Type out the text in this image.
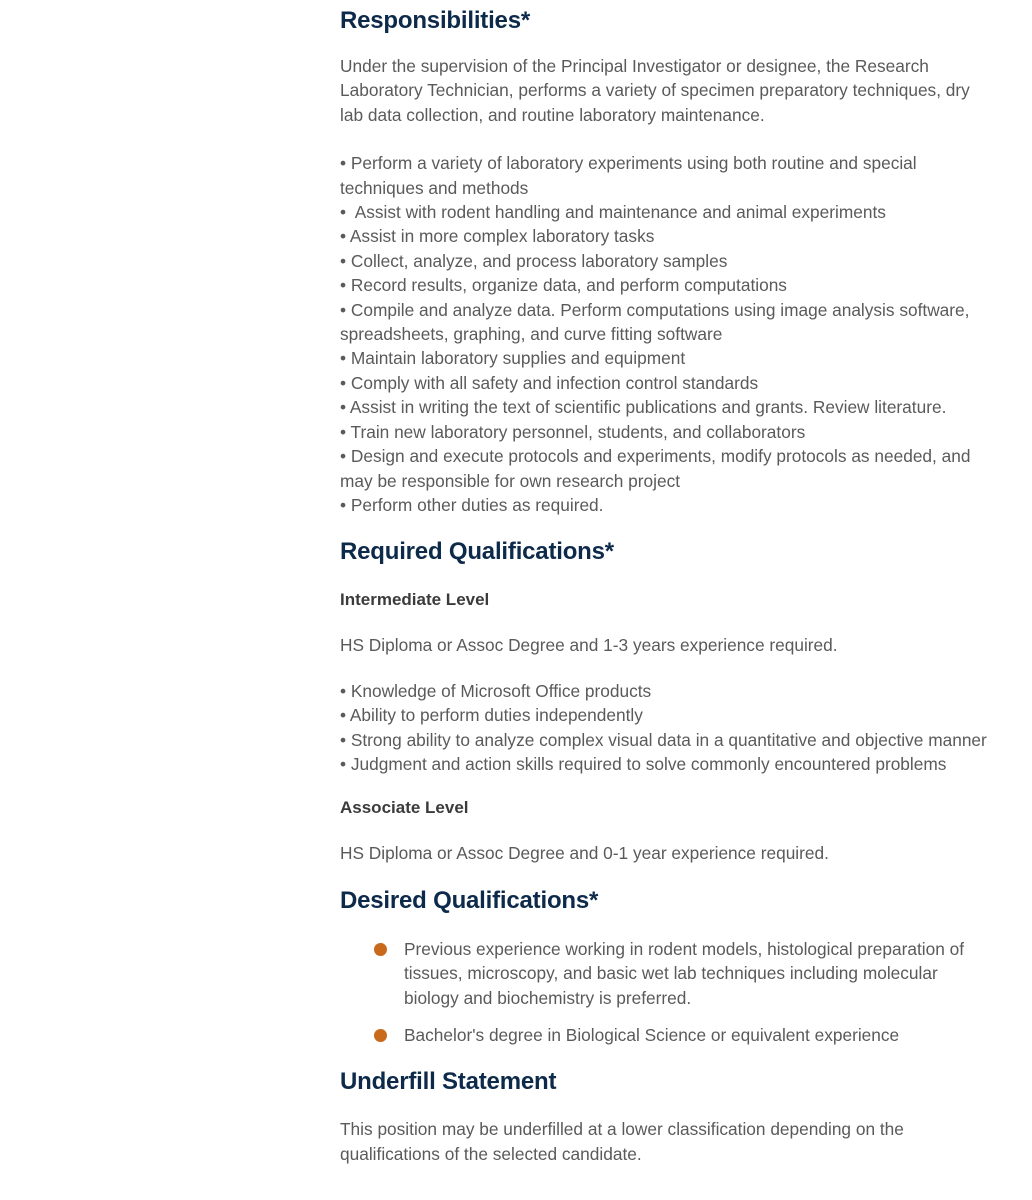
Responsibilities*

Under the supervision of the Principal Investigator or designee, the Research Laboratory Technician, performs a variety of specimen preparatory techniques, dry lab data collection, and routine laboratory maintenance.

• Perform a variety of laboratory experiments using both routine and special techniques and methods
•  Assist with rodent handling and maintenance and animal experiments
• Assist in more complex laboratory tasks
• Collect, analyze, and process laboratory samples
• Record results, organize data, and perform computations
• Compile and analyze data. Perform computations using image analysis software, spreadsheets, graphing, and curve fitting software
• Maintain laboratory supplies and equipment
• Comply with all safety and infection control standards
• Assist in writing the text of scientific publications and grants. Review literature.
• Train new laboratory personnel, students, and collaborators
• Design and execute protocols and experiments, modify protocols as needed, and may be responsible for own research project
• Perform other duties as required.
Required Qualifications*
Intermediate Level

HS Diploma or Assoc Degree and 1-3 years experience required.

• Knowledge of Microsoft Office products
• Ability to perform duties independently
• Strong ability to analyze complex visual data in a quantitative and objective manner
• Judgment and action skills required to solve commonly encountered problems
Associate Level

HS Diploma or Assoc Degree and 0-1 year experience required.

Desired Qualifications*
Previous experience working in rodent models, histological preparation of tissues, microscopy, and basic wet lab techniques including molecular biology and biochemistry is preferred.
Bachelor's degree in Biological Science or equivalent experience
Underfill Statement

This position may be underfilled at a lower classification depending on the qualifications of the selected candidate.
